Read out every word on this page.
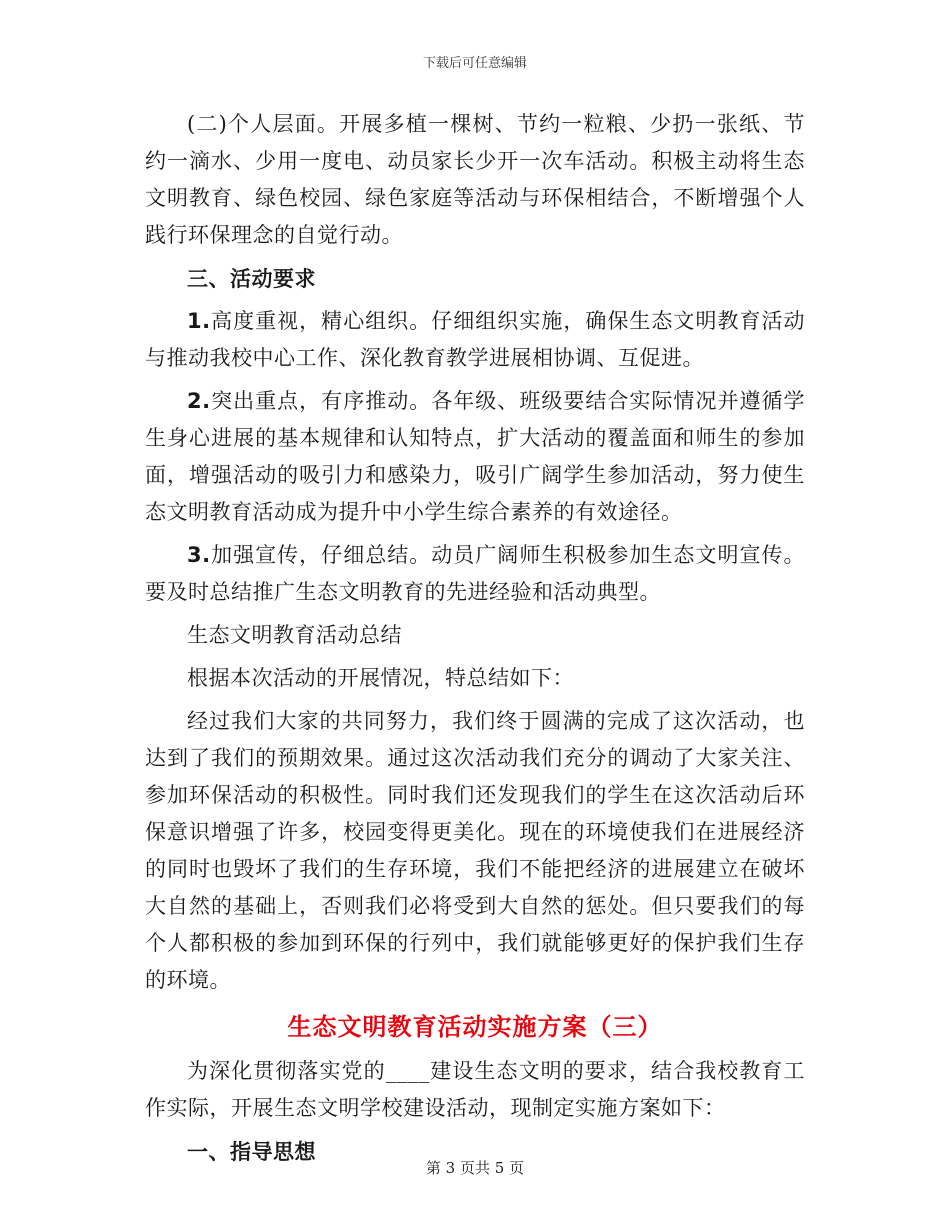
下载后可任意编辑

(二)个人层面。开展多植一棵树、节约一粒粮、少扔一张纸、节约一滴水、少用一度电、动员家长少开一次车活动。积极主动将生态文明教育、绿色校园、绿色家庭等活动与环保相结合，不断增强个人践行环保理念的自觉行动。

三、活动要求

1.高度重视，精心组织。仔细组织实施，确保生态文明教育活动与推动我校中心工作、深化教育教学进展相协调、互促进。

2.突出重点，有序推动。各年级、班级要结合实际情况并遵循学生身心进展的基本规律和认知特点，扩大活动的覆盖面和师生的参加面，增强活动的吸引力和感染力，吸引广阔学生参加活动，努力使生态文明教育活动成为提升中小学生综合素养的有效途径。

3.加强宣传，仔细总结。动员广阔师生积极参加生态文明宣传。要及时总结推广生态文明教育的先进经验和活动典型。

生态文明教育活动总结

根据本次活动的开展情况，特总结如下：

经过我们大家的共同努力，我们终于圆满的完成了这次活动，也达到了我们的预期效果。通过这次活动我们充分的调动了大家关注、参加环保活动的积极性。同时我们还发现我们的学生在这次活动后环保意识增强了许多，校园变得更美化。现在的环境使我们在进展经济的同时也毁坏了我们的生存环境，我们不能把经济的进展建立在破坏大自然的基础上，否则我们必将受到大自然的惩处。但只要我们的每个人都积极的参加到环保的行列中，我们就能够更好的保护我们生存的环境。

生态文明教育活动实施方案（三）

为深化贯彻落实党的____建设生态文明的要求，结合我校教育工作实际，开展生态文明学校建设活动，现制定实施方案如下：

一、指导思想

第 3 页共 5 页
